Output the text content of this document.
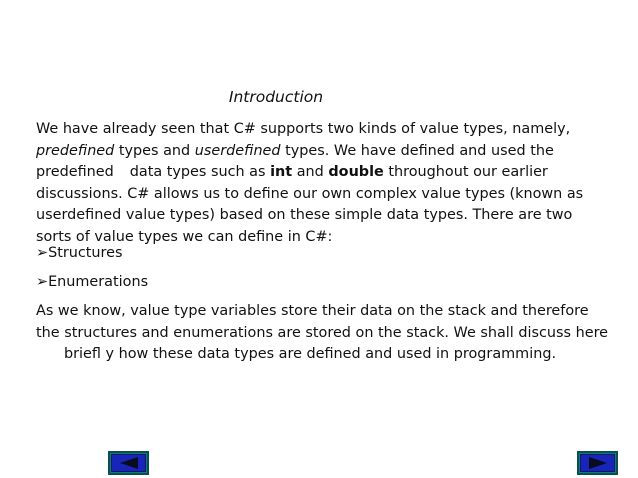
Introduction

We have already seen that C# supports two kinds of value types, namely,
predefined types and userdefined types. We have defined and used the
predefined data types such as int and double throughout our earlier
discussions. C# allows us to define our own complex value types (known as
userdefined value types) based on these simple data types. There are two
sorts of value types we can define in C#:

➢Structures
➢Enumerations

As we know, value type variables store their data on the stack and therefore
the structures and enumerations are stored on the stack. We shall discuss here
briefl y how these data types are defined and used in programming.
